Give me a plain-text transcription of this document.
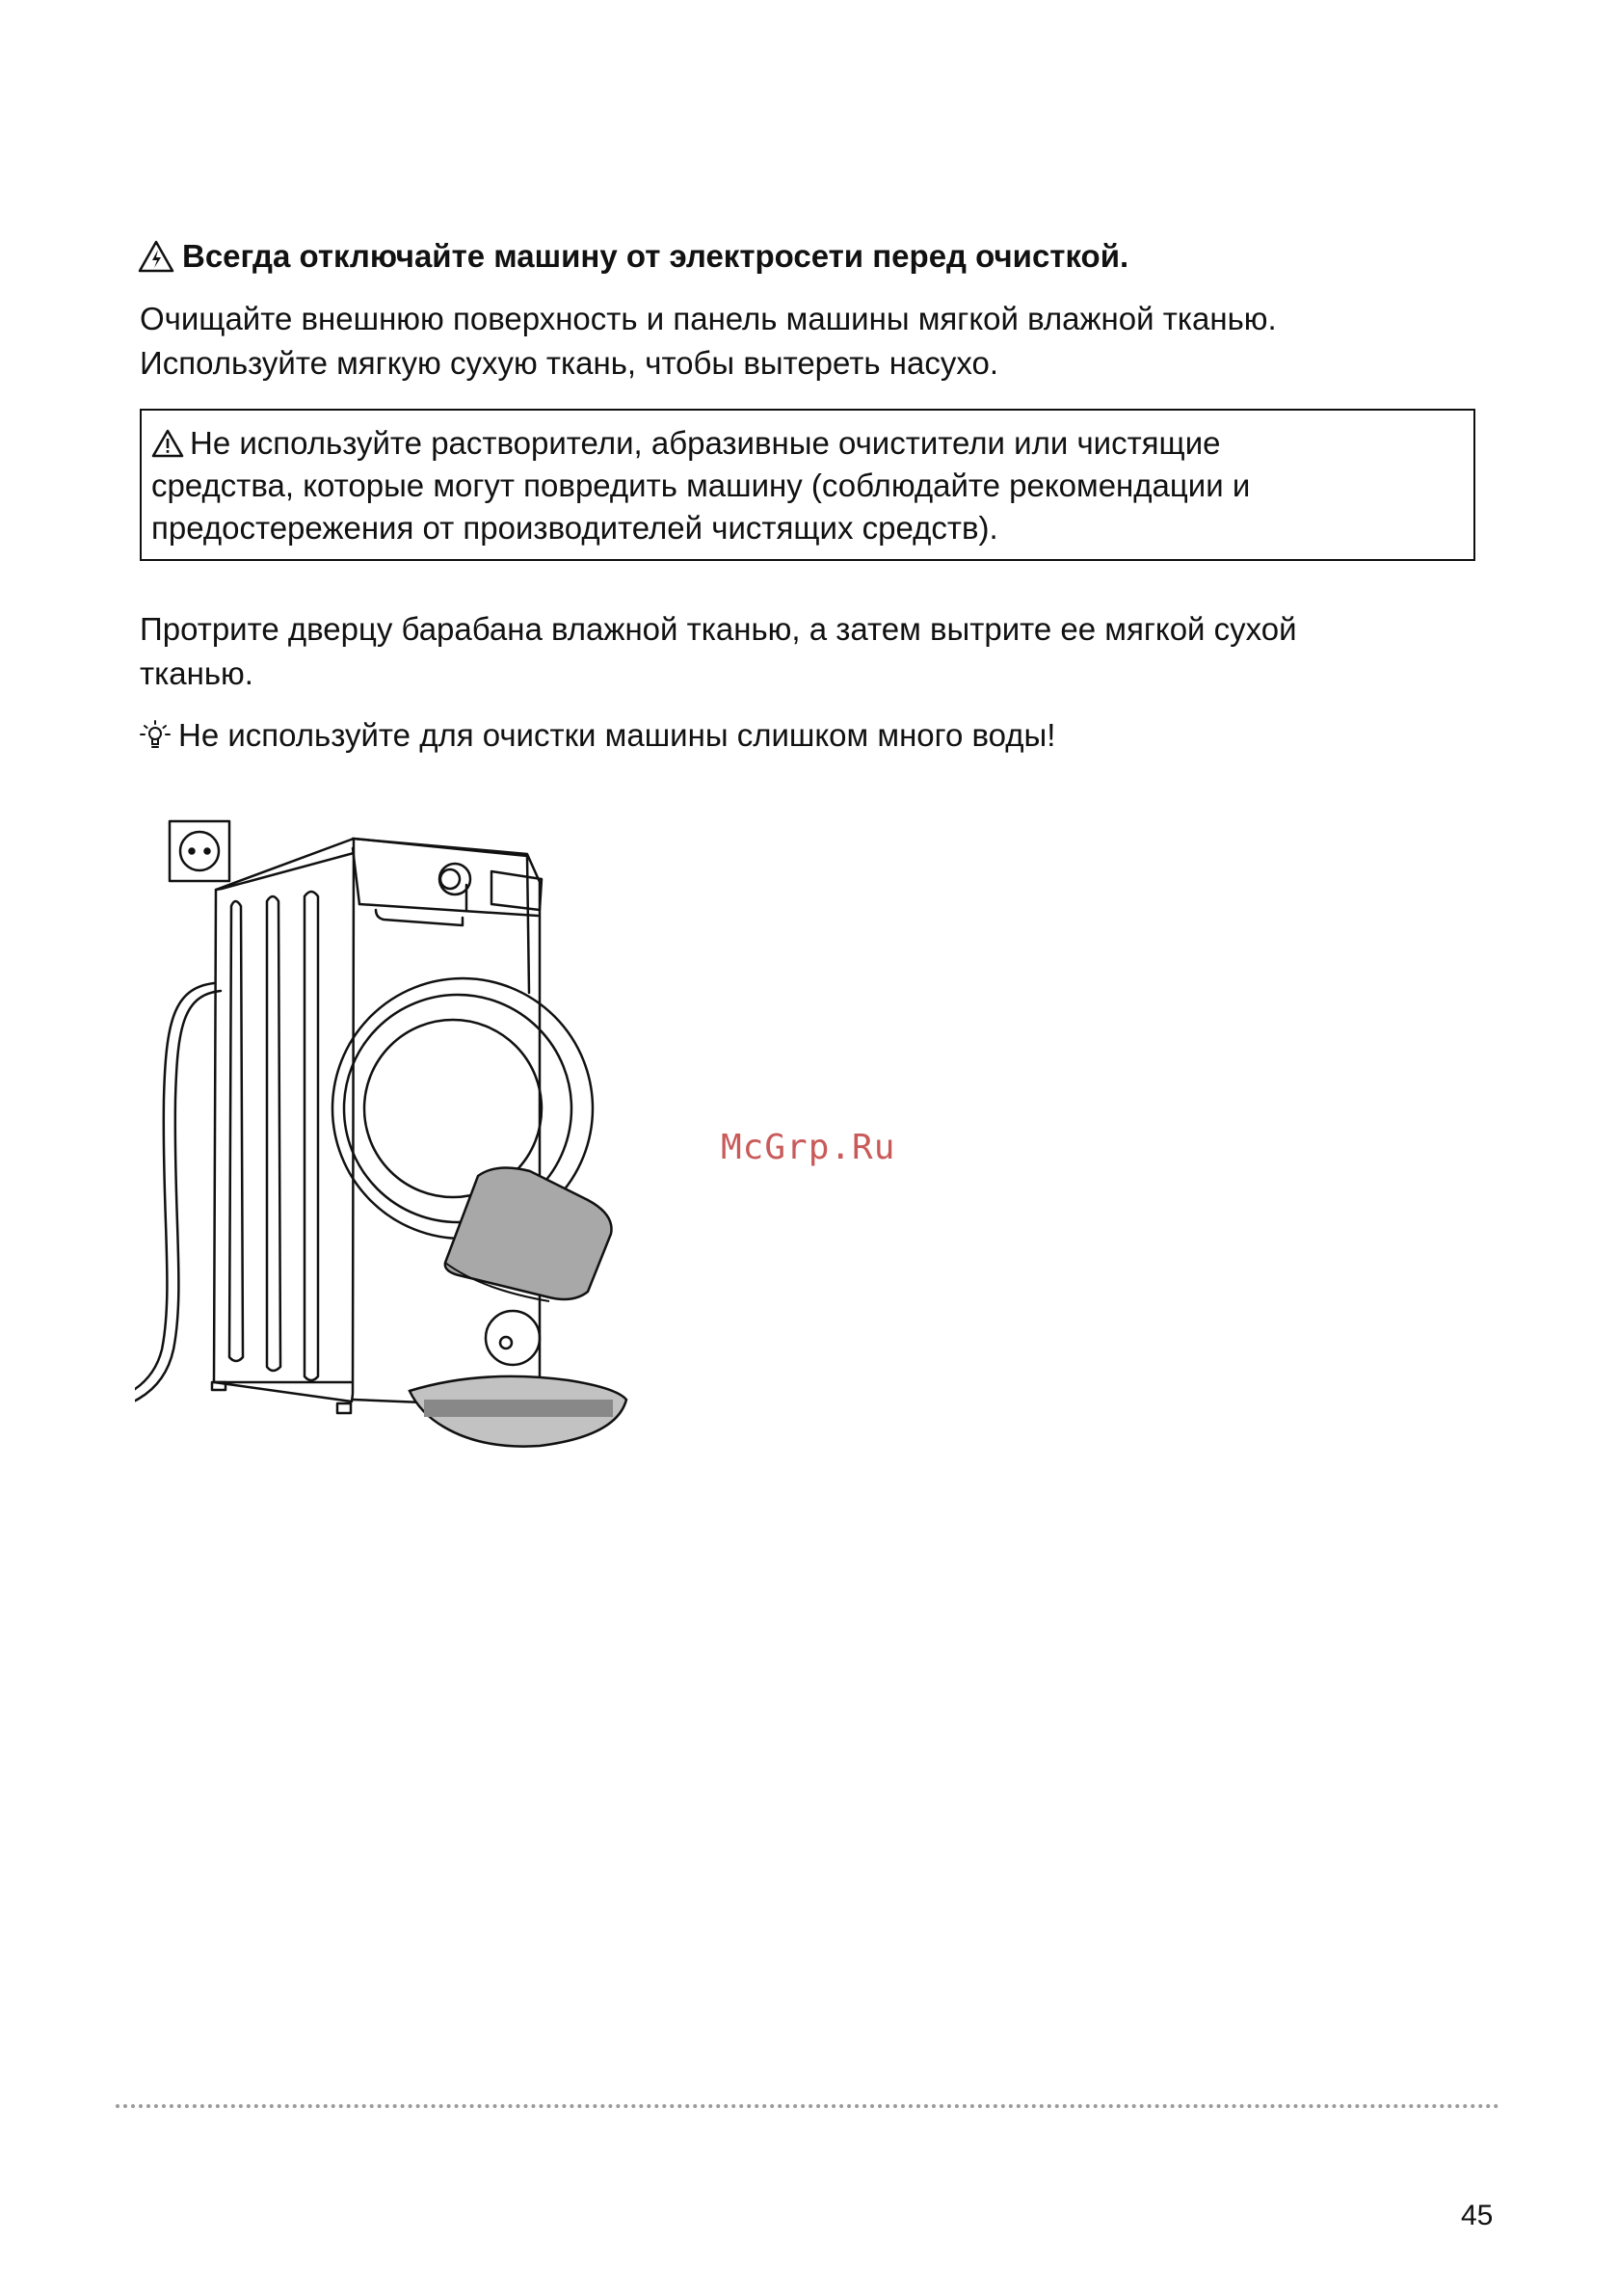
Всегда отключайте машину от электросети перед очисткой.
Очищайте внешнюю поверхность и панель машины мягкой влажной тканью.
Используйте мягкую сухую ткань, чтобы вытереть насухо.
Не используйте растворители, абразивные очистители или чистящие
средства, которые могут повредить машину (соблюдайте рекомендации и
предостережения от производителей чистящих средств).
Протрите дверцу барабана влажной тканью, а затем вытрите ее мягкой сухой
тканью.
Не используйте для очистки машины слишком много воды!
McGrp.Ru
45
